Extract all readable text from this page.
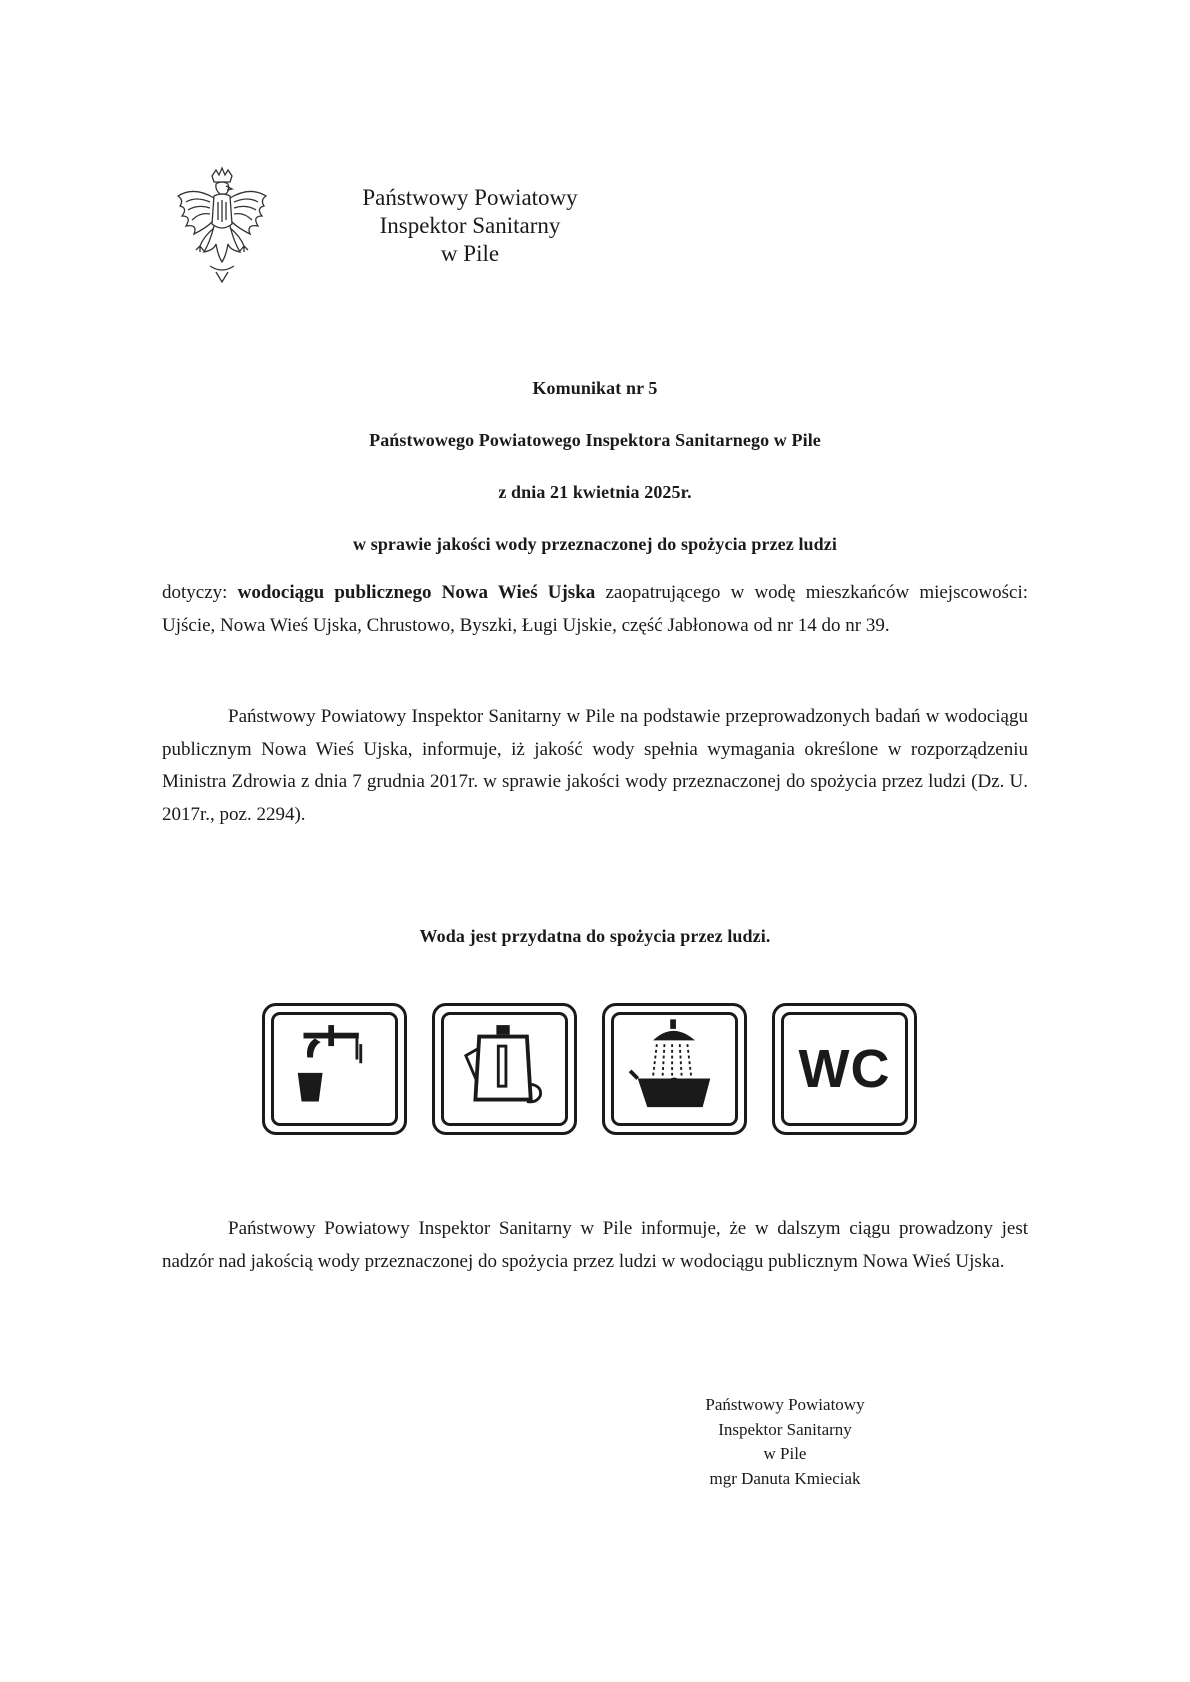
Państwowy Powiatowy
Inspektor Sanitarny
w Pile
Komunikat nr 5
Państwowego Powiatowego Inspektora Sanitarnego w Pile
z dnia 21 kwietnia 2025r.
w sprawie jakości wody przeznaczonej do spożycia przez ludzi
dotyczy: wodociągu publicznego Nowa Wieś Ujska zaopatrującego w wodę mieszkańców miejscowości: Ujście, Nowa Wieś Ujska, Chrustowo, Byszki, Ługi Ujskie, część Jabłonowa od nr 14 do nr 39.
Państwowy Powiatowy Inspektor Sanitarny w Pile na podstawie przeprowadzonych badań w wodociągu publicznym Nowa Wieś Ujska, informuje, iż jakość wody spełnia wymagania określone w rozporządzeniu Ministra Zdrowia z dnia 7 grudnia 2017r. w sprawie jakości wody przeznaczonej do spożycia przez ludzi (Dz. U. 2017r., poz. 2294).
Woda jest przydatna do spożycia przez ludzi.
WC
Państwowy Powiatowy Inspektor Sanitarny w Pile informuje, że w dalszym ciągu prowadzony jest nadzór nad jakością wody przeznaczonej do spożycia przez ludzi w wodociągu publicznym Nowa Wieś Ujska.
Państwowy Powiatowy
Inspektor Sanitarny
w Pile
mgr Danuta Kmieciak
